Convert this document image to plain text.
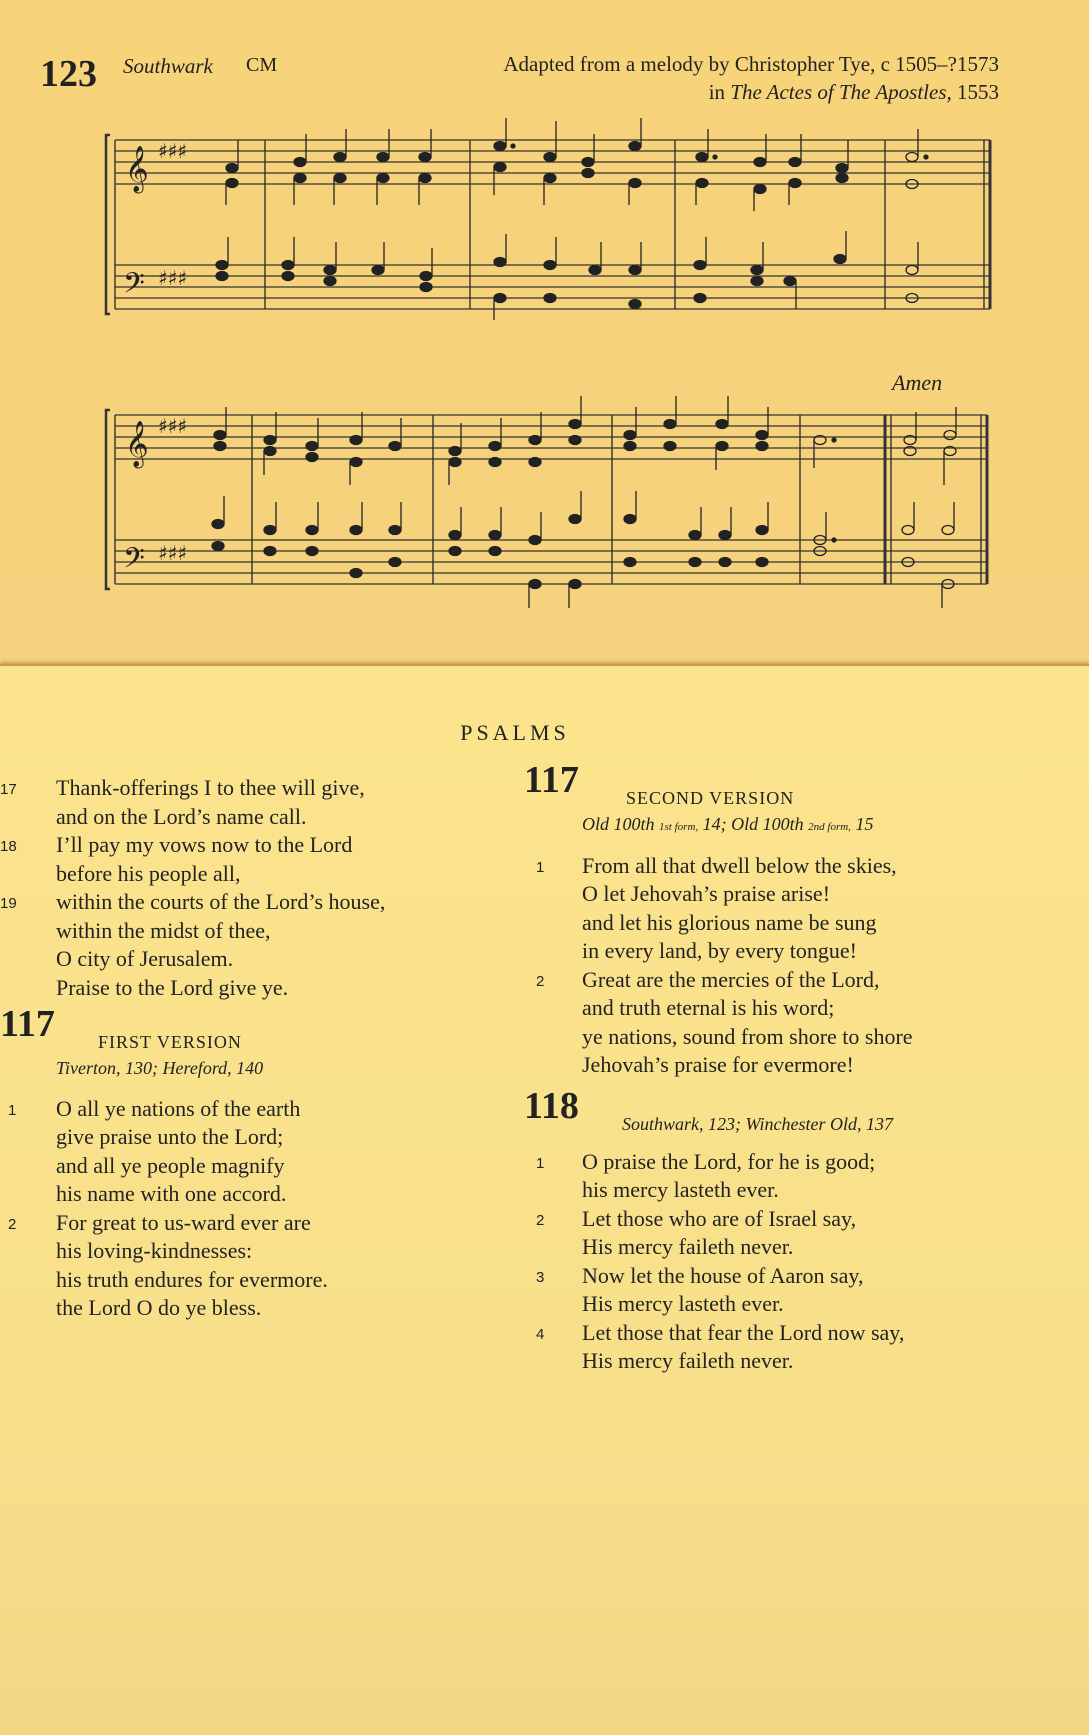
123 Southwark CM	Adapted from a melody by Christopher Tye, c 1505–?1573
in The Actes of The Apostles, 1553
𝄞 ♯♯♯
𝄢 ♯♯♯
𝄞 ♯♯♯
𝄢 ♯♯♯
Amen
PSALMS
17 Thank-offerings I to thee will give,
and on the Lord’s name call.
18 I’ll pay my vows now to the Lord
before his people all,
19 within the courts of the Lord’s house,
within the midst of thee,
O city of Jerusalem.
Praise to the Lord give ye.
117 FIRST VERSION
Tiverton, 130; Hereford, 140
1 O all ye nations of the earth
give praise unto the Lord;
and all ye people magnify
his name with one accord.
2 For great to us-ward ever are
his loving-kindnesses:
his truth endures for evermore.
the Lord O do ye bless.
117	SECOND VERSION
Old 100th 1st form, 14; Old 100th 2nd form, 15
1 From all that dwell below the skies,
O let Jehovah’s praise arise!
and let his glorious name be sung
in every land, by every tongue!
2 Great are the mercies of the Lord,
and truth eternal is his word;
ye nations, sound from shore to shore
Jehovah’s praise for evermore!
118 Southwark, 123; Winchester Old, 137
1 O praise the Lord, for he is good;
his mercy lasteth ever.
2 Let those who are of Israel say,
His mercy faileth never.
3 Now let the house of Aaron say,
His mercy lasteth ever.
4 Let those that fear the Lord now say,
His mercy faileth never.
